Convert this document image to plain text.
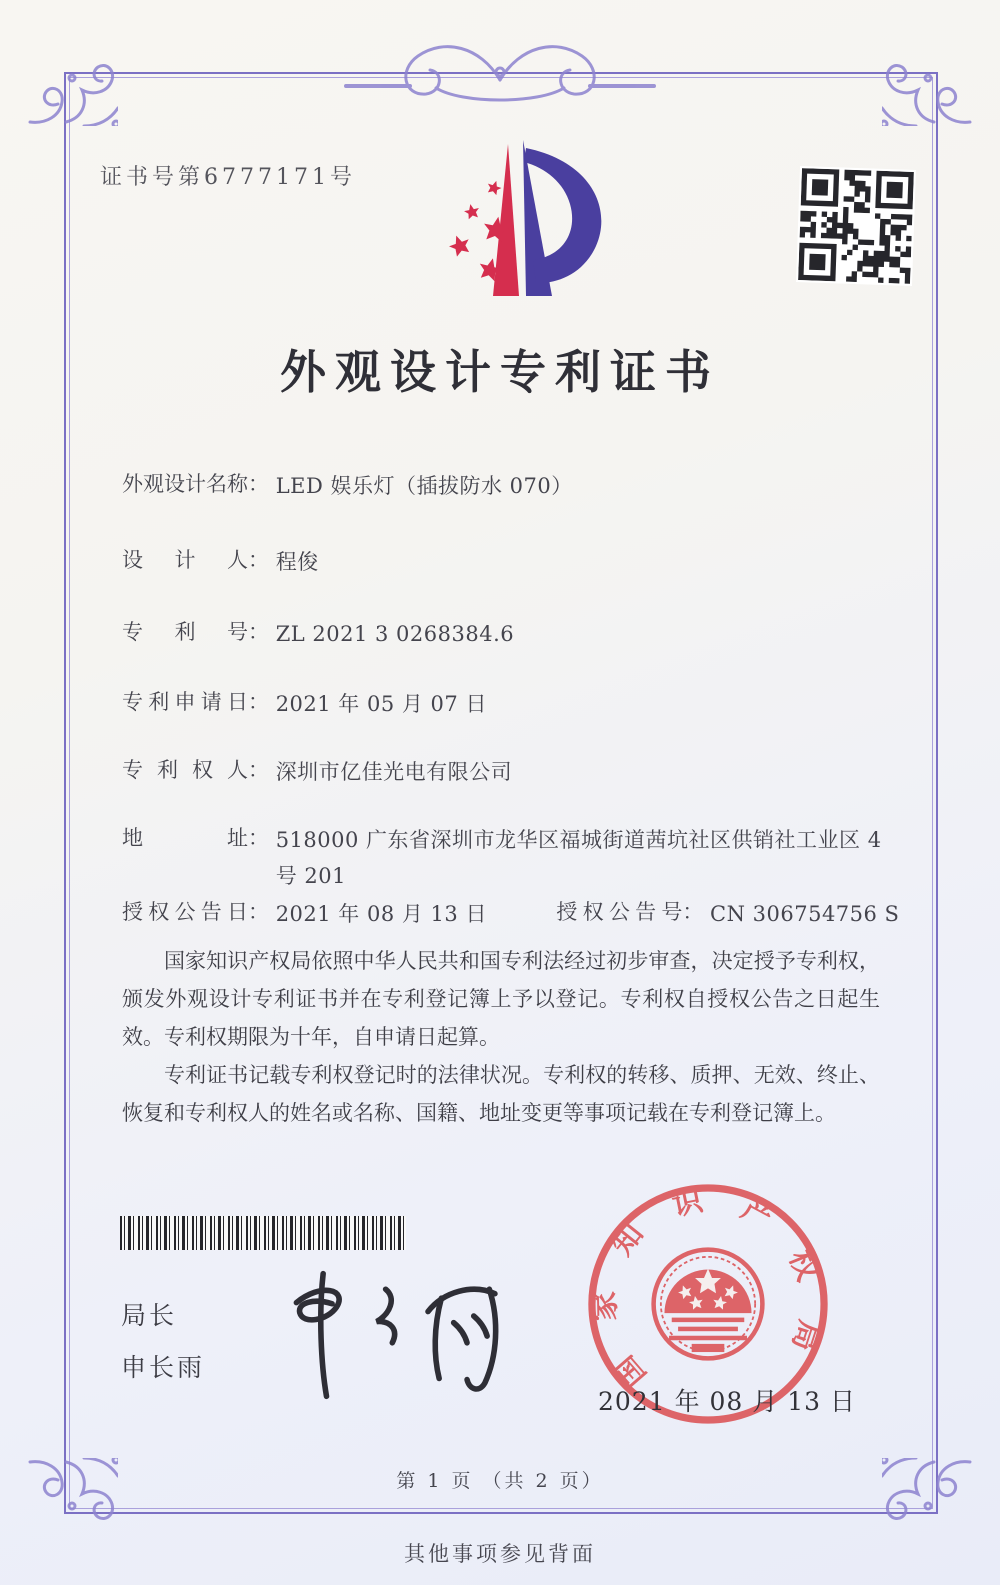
证书号第6777171号
外观设计专利证书
外观设计名称： LED 娱乐灯（插拔防水 070）
设计人： 程俊
专利号： ZL 2021 3 0268384.6
专利申请日： 2021 年 05 月 07 日
专利权人： 深圳市亿佳光电有限公司
地址： 518000 广东省深圳市龙华区福城街道茜坑社区供销社工业区 4 号 201
授权公告日： 2021 年 08 月 13 日	授权公告号： CN 306754756 S

国家知识产权局依照中华人民共和国专利法经过初步审查，决定授予专利权，颁发外观设计专利证书并在专利登记簿上予以登记。专利权自授权公告之日起生效。专利权期限为十年，自申请日起算。

专利证书记载专利权登记时的法律状况。专利权的转移、质押、无效、终止、恢复和专利权人的姓名或名称、国籍、地址变更等事项记载在专利登记簿上。

局长
申长雨	国家知识产权局
2021 年 08 月 13 日
第 1 页 （共 2 页）
其他事项参见背面
